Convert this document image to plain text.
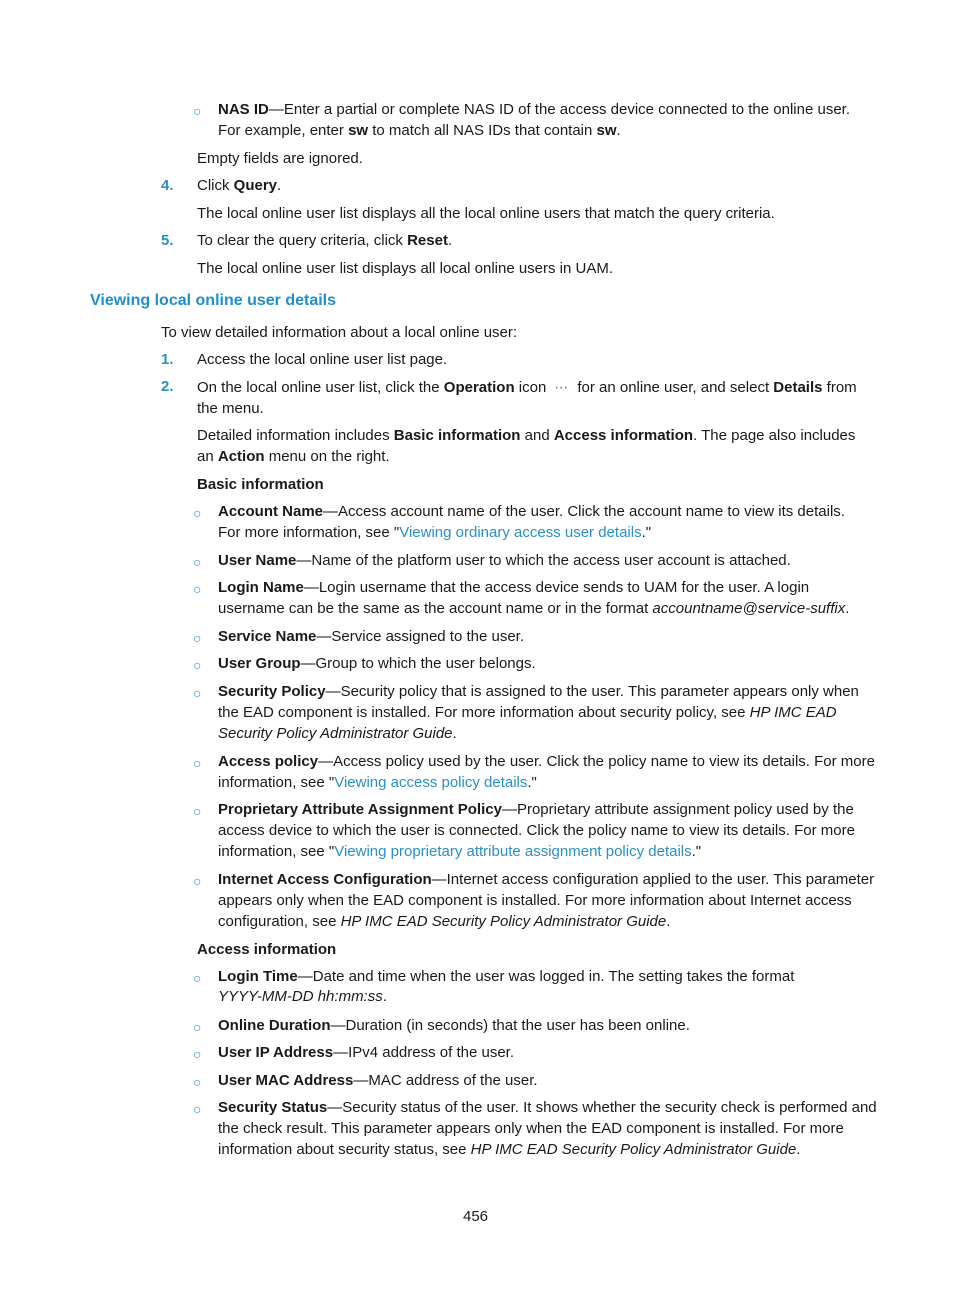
○ NAS ID—Enter a partial or complete NAS ID of the access device connected to the online user.
For example, enter sw to match all NAS IDs that contain sw.
Empty fields are ignored.
4. Click Query.
The local online user list displays all the local online users that match the query criteria.
5. To clear the query criteria, click Reset.
The local online user list displays all local online users in UAM.
Viewing local online user details
To view detailed information about a local online user:
1. Access the local online user list page.
2. On the local online user list, click the Operation icon ⋯ for an online user, and select Details from
the menu.
Detailed information includes Basic information and Access information. The page also includes
an Action menu on the right.
Basic information
○ Account Name—Access account name of the user. Click the account name to view its details.
For more information, see "Viewing ordinary access user details."
○ User Name—Name of the platform user to which the access user account is attached.
○ Login Name—Login username that the access device sends to UAM for the user. A login
username can be the same as the account name or in the format accountname@service-suffix.
○ Service Name—Service assigned to the user.
○ User Group—Group to which the user belongs.
○ Security Policy—Security policy that is assigned to the user. This parameter appears only when
the EAD component is installed. For more information about security policy, see HP IMC EAD
Security Policy Administrator Guide.
○ Access policy—Access policy used by the user. Click the policy name to view its details. For more
information, see "Viewing access policy details."
○ Proprietary Attribute Assignment Policy—Proprietary attribute assignment policy used by the
access device to which the user is connected. Click the policy name to view its details. For more
information, see "Viewing proprietary attribute assignment policy details."
○ Internet Access Configuration—Internet access configuration applied to the user. This parameter
appears only when the EAD component is installed. For more information about Internet access
configuration, see HP IMC EAD Security Policy Administrator Guide.
Access information
○ Login Time—Date and time when the user was logged in. The setting takes the format
YYYY-MM-DD hh:mm:ss.
○ Online Duration—Duration (in seconds) that the user has been online.
○ User IP Address—IPv4 address of the user.
○ User MAC Address—MAC address of the user.
○ Security Status—Security status of the user. It shows whether the security check is performed and
the check result. This parameter appears only when the EAD component is installed. For more
information about security status, see HP IMC EAD Security Policy Administrator Guide.
456
